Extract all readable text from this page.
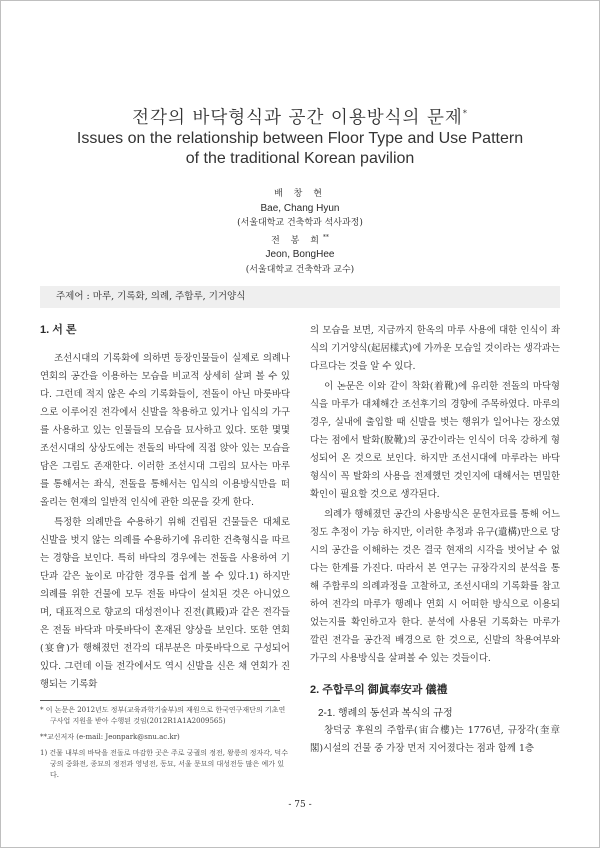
전각의 바닥형식과 공간 이용방식의 문제*
Issues on the relationship between Floor Type and Use Pattern
of the traditional Korean pavilion
배 창 현
Bae, Chang Hyun
(서울대학교 건축학과 석사과정)
전 봉 희**
Jeon, BongHee
(서울대학교 건축학과 교수)
주제어 : 마루, 기록화, 의례, 주합루, 기거양식
1. 서 론

조선시대의 기록화에 의하면 등장인물들이 실제로 의례나 연회의 공간을 이용하는 모습을 비교적 상세히 살펴 볼 수 있다. 그런데 적지 않은 수의 기록화들이, 전돌이 아닌 마룻바닥으로 이루어진 전각에서 신발을 착용하고 있거나 입식의 가구를 사용하고 있는 인물들의 모습을 묘사하고 있다. 또한 몇몇 조선시대의 상상도에는 전돌의 바닥에 직접 앉아 있는 모습을 담은 그림도 존재한다. 이러한 조선시대 그림의 묘사는 마루를 통해서는 좌식, 전돌을 통해서는 입식의 이용방식만을 떠올리는 현재의 일반적 인식에 관한 의문을 갖게 한다.

특정한 의례만을 수용하기 위해 건립된 건물들은 대체로 신발을 벗지 않는 의례를 수용하기에 유리한 건축형식을 따르는 경향을 보인다. 특히 바닥의 경우에는 전돌을 사용하여 기단과 같은 높이로 마감한 경우를 쉽게 볼 수 있다.1) 하지만 의례를 위한 건물에 모두 전돌 바닥이 설치된 것은 아니었으며, 대표적으로 향교의 대성전이나 진전(眞殿)과 같은 전각들은 전돌 바닥과 마룻바닥이 혼재된 양상을 보인다. 또한 연회(宴會)가 행해졌던 전각의 대부분은 마룻바닥으로 구성되어 있다. 그런데 이들 전각에서도 역시 신발을 신은 채 연회가 진행되는 기록화

* 이 논문은 2012년도 정부(교육과학기술부)의 재원으로 한국연구재단의 기초연구사업 지원을 받아 수행된 것임(2012R1A1A2009565)

**교신저자 (e-mail: Jeonpark@snu.ac.kr)

1) 건물 내부의 바닥을 전돌로 마감한 곳은 주로 궁궐의 정전, 왕릉의 정자각, 덕수궁의 중화전, 종묘의 정전과 영녕전, 동묘, 서울 문묘의 대성전등 많은 예가 있다.

의 모습을 보면, 지금까지 한옥의 마루 사용에 대한 인식이 좌식의 기거양식(起居樣式)에 가까운 모습일 것이라는 생각과는 다르다는 것을 알 수 있다.

이 논문은 이와 같이 착화(着靴)에 유리한 전돌의 마닥형식을 마루가 대체해간 조선후기의 경향에 주목하였다. 마루의 경우, 실내에 출입할 때 신발을 벗는 행위가 일어나는 장소였다는 점에서 탈화(脫靴)의 공간이라는 인식이 더욱 강하게 형성되어 온 것으로 보인다. 하지만 조선시대에 마루라는 바닥형식이 꼭 탈화의 사용을 전제했던 것인지에 대해서는 면밀한 확인이 필요할 것으로 생각된다.

의례가 행해졌던 공간의 사용방식은 문헌자료를 통해 어느 정도 추정이 가능 하지만, 이러한 추정과 유구(遺構)만으로 당시의 공간을 이해하는 것은 결국 현재의 시각을 벗어날 수 없다는 한계를 가진다. 따라서 본 연구는 규장각지의 분석을 통해 주합루의 의례과정을 고찰하고, 조선시대의 기록화를 참고하여 전각의 마루가 행례나 연회 시 어떠한 방식으로 이용되었는지를 확인하고자 한다. 분석에 사용된 기록화는 마루가 깔린 전각을 공간적 배경으로 한 것으로, 신발의 착용여부와 가구의 사용방식을 살펴볼 수 있는 것들이다.

2. 주합루의 御眞奉安과 儀禮
2-1. 행례의 동선과 복식의 규정

창덕궁 후원의 주합루(宙合樓)는 1776년, 규장각(奎章閣)시설의 건물 중 가장 먼저 지어졌다는 점과 함께 1층

- 75 -
